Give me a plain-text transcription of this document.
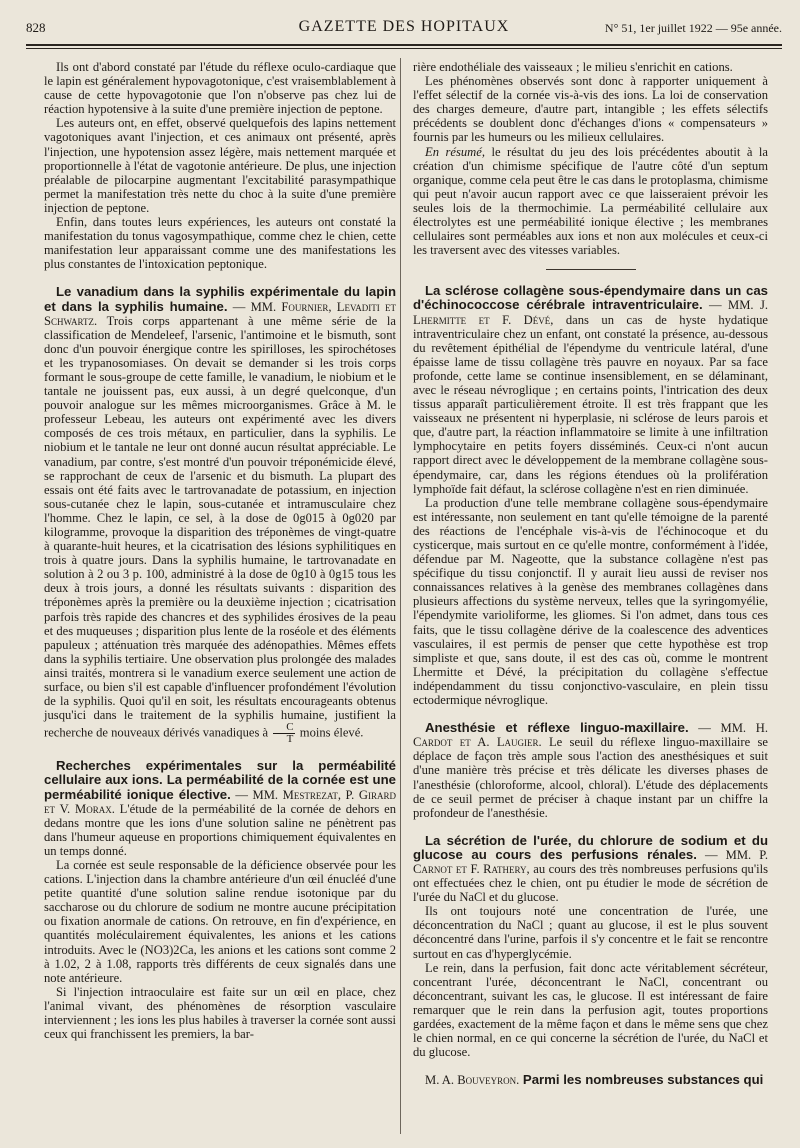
828	GAZETTE DES HOPITAUX	N° 51, 1er juillet 1922 — 95e année.

Ils ont d'abord constaté par l'étude du réflexe oculo-cardiaque que le lapin est généralement hypovagotonique, c'est vraisemblablement à cause de cette hypovagotonie que l'on n'observe pas chez lui de réaction hypotensive à la suite d'une première injection de peptone.

Les auteurs ont, en effet, observé quelquefois des lapins nettement vagotoniques avant l'injection, et ces animaux ont présenté, après l'injection, une hypotension assez légère, mais nettement marquée et proportionnelle à l'état de vagotonie antérieure. De plus, une injection préalable de pilocarpine augmentant l'excitabilité parasympathique permet la manifestation très nette du choc à la suite d'une première injection de peptone.

Enfin, dans toutes leurs expériences, les auteurs ont constaté la manifestation du tonus vagosympathique, comme chez le chien, cette manifestation leur apparaissant comme une des manifestations les plus constantes de l'intoxication peptonique.

Le vanadium dans la syphilis expérimentale du lapin et dans la syphilis humaine. — MM. Fournier, Levaditi et Schwartz. Trois corps appartenant à une même série de la classification de Mendeleef, l'arsenic, l'antimoine et le bismuth, sont donc d'un pouvoir énergique contre les spirilloses, les spirochétoses et les trypanosomiases. On devait se demander si les trois corps formant le sous-groupe de cette famille, le vanadium, le niobium et le tantale ne jouissent pas, eux aussi, à un degré quelconque, d'un pouvoir analogue sur les mêmes microorganismes. Grâce à M. le professeur Lebeau, les auteurs ont expérimenté avec les divers composés de ces trois métaux, en particulier, dans la syphilis. Le niobium et le tantale ne leur ont donné aucun résultat appréciable. Le vanadium, par contre, s'est montré d'un pouvoir tréponémicide élevé, se rapprochant de ceux de l'arsenic et du bismuth. La plupart des essais ont été faits avec le tartrovanadate de potassium, en injection sous-cutanée chez le lapin, sous-cutanée et intramusculaire chez l'homme. Chez le lapin, ce sel, à la dose de 0g015 à 0g020 par kilogramme, provoque la disparition des tréponèmes de vingt-quatre à quarante-huit heures, et la cicatrisation des lésions syphilitiques en trois à quatre jours. Dans la syphilis humaine, le tartrovanadate en solution à 2 ou 3 p. 100, administré à la dose de 0g10 à 0g15 tous les deux à trois jours, a donné les résultats suivants : disparition des tréponèmes après la première ou la deuxième injection ; cicatrisation parfois très rapide des chancres et des syphilides érosives de la peau et des muqueuses ; disparition plus lente de la roséole et des éléments papuleux ; atténuation très marquée des adénopathies. Mêmes effets dans la syphilis tertiaire. Une observation plus prolongée des malades ainsi traités, montrera si le vanadium exerce seulement une action de surface, ou bien s'il est capable d'influencer profondément l'évolution de la syphilis. Quoi qu'il en soit, les résultats encourageants obtenus jusqu'ici dans le traitement de la syphilis humaine, justifient la recherche de nouveaux dérivés vanadiques à $\frac{C}{T}$ moins élevé.

Recherches expérimentales sur la perméabilité cellulaire aux ions. La perméabilité de la cornée est une perméabilité ionique élective. — MM. Mestrezat, P. Girard et V. Morax. L'étude de la perméabilité de la cornée de dehors en dedans montre que les ions d'une solution saline ne pénètrent pas dans l'humeur aqueuse en proportions chimiquement équivalentes en un temps donné.

La cornée est seule responsable de la déficience observée pour les cations. L'injection dans la chambre antérieure d'un œil énucléé d'une petite quantité d'une solution saline rendue isotonique par du saccharose ou du chlorure de sodium ne montre aucune précipitation ou fixation anormale de cations. On retrouve, en fin d'expérience, en quantités moléculairement équivalentes, les anions et les cations introduits. Avec le (NO3)2Ca, les anions et les cations sont comme 2 à 1.02, 2 à 1.08, rapports très différents de ceux signalés dans une note antérieure.

Si l'injection intraoculaire est faite sur un œil en place, chez l'animal vivant, des phénomènes de résorption vasculaire interviennent ; les ions les plus habiles à traverser la cornée sont aussi ceux qui franchissent les premiers, la bar-

rière endothéliale des vaisseaux ; le milieu s'enrichit en cations.

Les phénomènes observés sont donc à rapporter uniquement à l'effet sélectif de la cornée vis-à-vis des ions. La loi de conservation des charges demeure, d'autre part, intangible ; les effets sélectifs précédents se doublent donc d'échanges d'ions « compensateurs » fournis par les humeurs ou les milieux cellulaires.

En résumé, le résultat du jeu des lois précédentes aboutit à la création d'un chimisme spécifique de l'autre côté d'un septum organique, comme cela peut être le cas dans le protoplasma, chimisme qui peut n'avoir aucun rapport avec ce que laisseraient prévoir les seules lois de la thermochimie. La perméabilité cellulaire aux électrolytes est une perméabilité ionique élective ; les membranes cellulaires sont perméables aux ions et non aux molécules et ceux-ci les traversent avec des vitesses variables.

La sclérose collagène sous-épendymaire dans un cas d'échinococcose cérébrale intraventriculaire. — MM. J. Lhermitte et F. Dévé, dans un cas de hyste hydatique intraventriculaire chez un enfant, ont constaté la présence, au-dessous du revêtement épithélial de l'épendyme du ventricule latéral, d'une épaisse lame de tissu collagène très pauvre en noyaux. Par sa face profonde, cette lame se continue insensiblement, en se délaminant, avec le réseau névroglique ; en certains points, l'intrication des deux tissus apparaît particulièrement étroite. Il est très frappant que les vaisseaux ne présentent ni hyperplasie, ni sclérose de leurs parois et que, d'autre part, la réaction inflammatoire se limite à une infiltration lymphocytaire en petits foyers disséminés. Ceux-ci n'ont aucun rapport direct avec le développement de la membrane collagène sous-épendymaire, car, dans les régions étendues où la prolifération lymphoïde fait défaut, la sclérose collagène n'est en rien diminuée.

La production d'une telle membrane collagène sous-épendymaire est intéressante, non seulement en tant qu'elle témoigne de la parenté des réactions de l'encéphale vis-à-vis de l'échinocoque et du cysticerque, mais surtout en ce qu'elle montre, conformément à l'idée, défendue par M. Nageotte, que la substance collagène n'est pas spécifique du tissu conjonctif. Il y aurait lieu aussi de reviser nos connaissances relatives à la genèse des membranes collagènes dans plusieurs affections du système nerveux, telles que la syringomyélie, l'épendymite varioliforme, les gliomes. Si l'on admet, dans tous ces faits, que le tissu collagène dérive de la coalescence des adventices vasculaires, il est permis de penser que cette hypothèse est trop simpliste et que, sans doute, il est des cas où, comme le montrent Lhermitte et Dévé, la précipitation du collagène s'effectue indépendamment du tissu conjonctivo-vasculaire, en plein tissu ectodermique névroglique.

Anesthésie et réflexe linguo-maxillaire. — MM. H. Cardot et A. Laugier. Le seuil du réflexe linguo-maxillaire se déplace de façon très ample sous l'action des anesthésiques et suit d'une manière très précise et très délicate les diverses phases de l'anesthésie (chloroforme, alcool, chloral). L'étude des déplacements de ce seuil permet de préciser à chaque instant par un chiffre la profondeur de l'anesthésie.

La sécrétion de l'urée, du chlorure de sodium et du glucose au cours des perfusions rénales. — MM. P. Carnot et F. Rathery, au cours des très nombreuses perfusions qu'ils ont effectuées chez le chien, ont pu étudier le mode de sécrétion de l'urée du NaCl et du glucose.

Ils ont toujours noté une concentration de l'urée, une déconcentration du NaCl ; quant au glucose, il est le plus souvent déconcentré dans l'urine, parfois il s'y concentre et le fait se rencontre surtout en cas d'hyperglycémie.

Le rein, dans la perfusion, fait donc acte véritablement sécréteur, concentrant l'urée, déconcentrant le NaCl, concentrant ou déconcentrant, suivant les cas, le glucose. Il est intéressant de faire remarquer que le rein dans la perfusion agit, toutes proportions gardées, exactement de la même façon et dans le même sens que chez le chien normal, en ce qui concerne la sécrétion de l'urée, du NaCl et du glucose.

M. A. Bouveyron. Parmi les nombreuses substances qui
